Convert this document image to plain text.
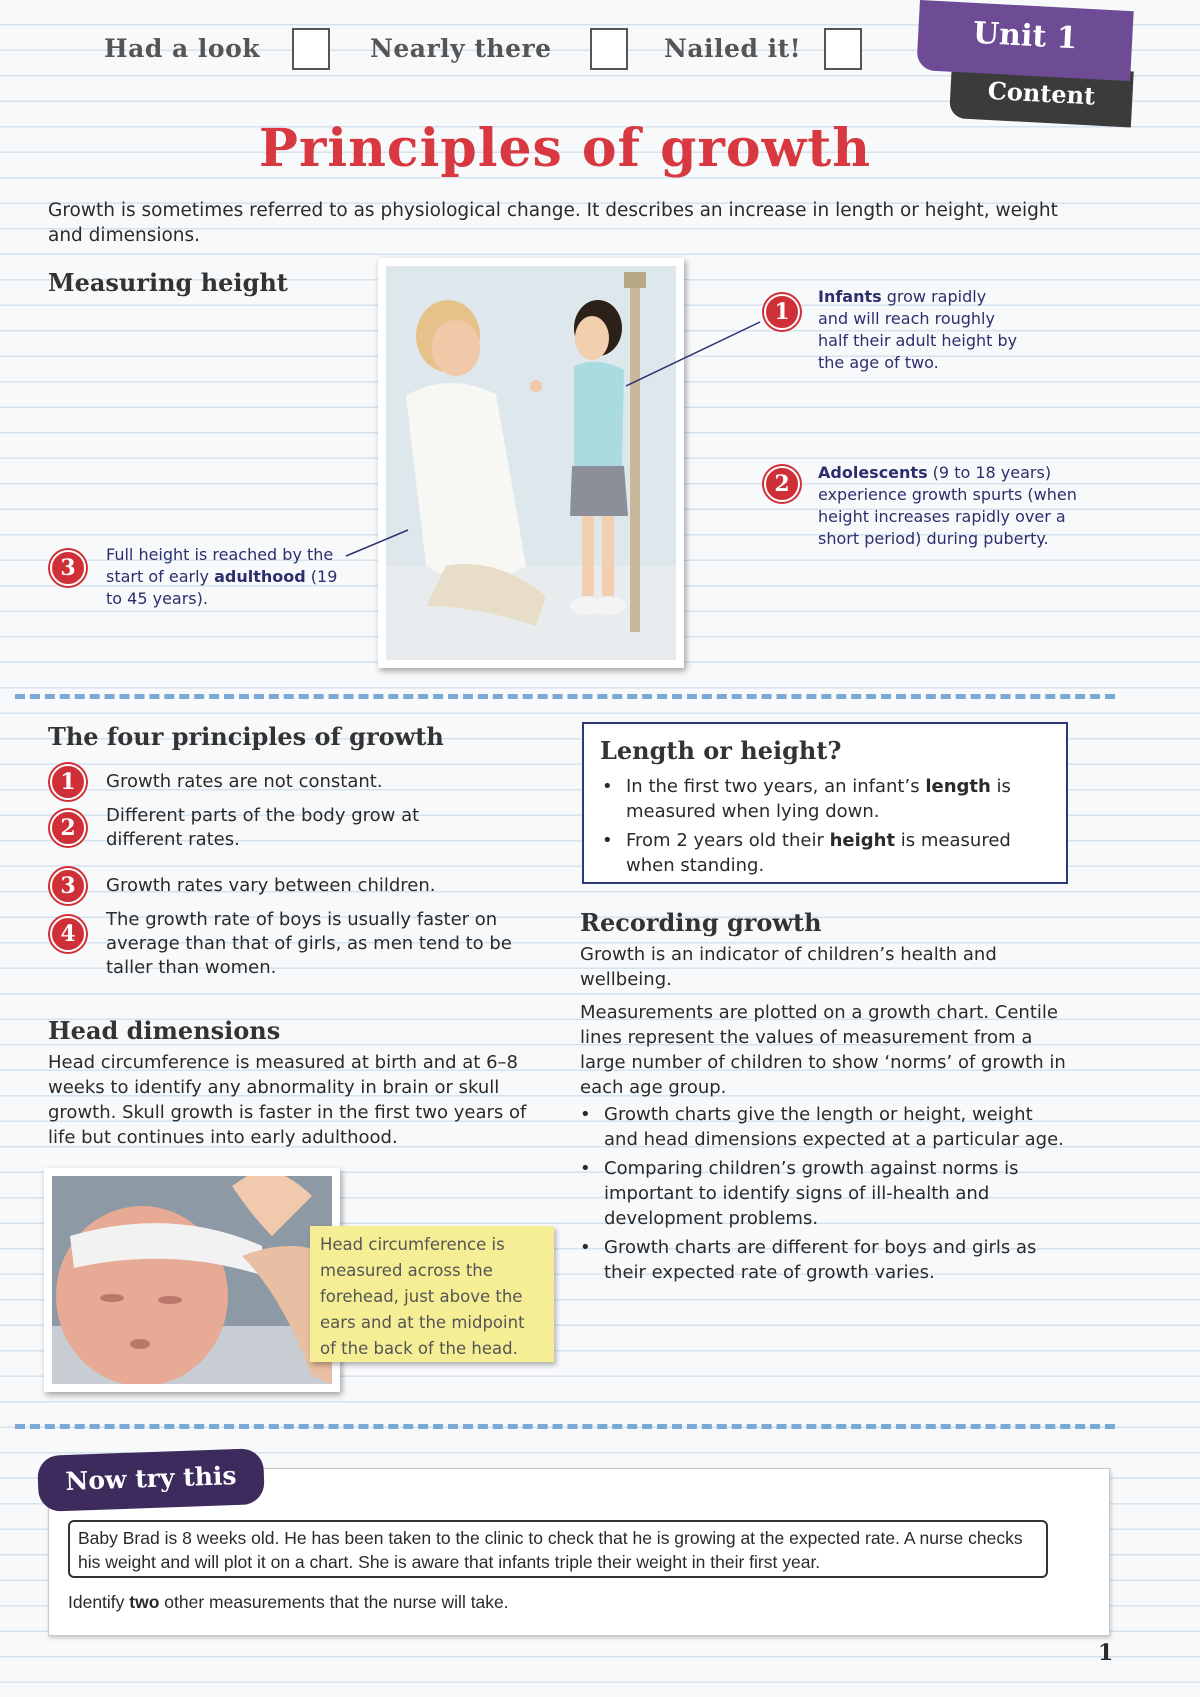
Had a look	Nearly there	Nailed it!
Content
Unit 1
Principles of growth

Growth is sometimes referred to as physiological change. It describes an increase in length or height, weight and dimensions.

Measuring height
1

Infants grow rapidly and will reach roughly half their adult height by the age of two.

2	Adolescents (9 to 18 years) experience growth spurts (when height increases rapidly over a short period) during puberty.

3

Full height is reached by the start of early adulthood (19 to 45 years).

The four principles of growth
1	Growth rates are not constant.

2	Different parts of the body grow at different rates.

3	Growth rates vary between children.

4

The growth rate of boys is usually faster on average than that of girls, as men tend to be taller than women.

Length or height?
• In the first two years, an infant’s length is measured when lying down.
• From 2 years old their height is measured when standing.
Head dimensions

Head circumference is measured at birth and at 6–8 weeks to identify any abnormality in brain or skull growth. Skull growth is faster in the first two years of life but continues into early adulthood.

Head circumference is measured across the forehead, just above the ears and at the midpoint of the back of the head.
Recording growth

Growth is an indicator of children’s health and wellbeing.

Measurements are plotted on a growth chart. Centile lines represent the values of measurement from a large number of children to show ‘norms’ of growth in each age group.

• Growth charts give the length or height, weight and head dimensions expected at a particular age.
• Comparing children’s growth against norms is important to identify signs of ill-health and development problems.
• Growth charts are different for boys and girls as their expected rate of growth varies.
Now try this
Baby Brad is 8 weeks old. He has been taken to the clinic to check that he is growing at the expected rate. A nurse checks his weight and will plot it on a chart. She is aware that infants triple their weight in their first year.

Identify two other measurements that the nurse will take.

1
